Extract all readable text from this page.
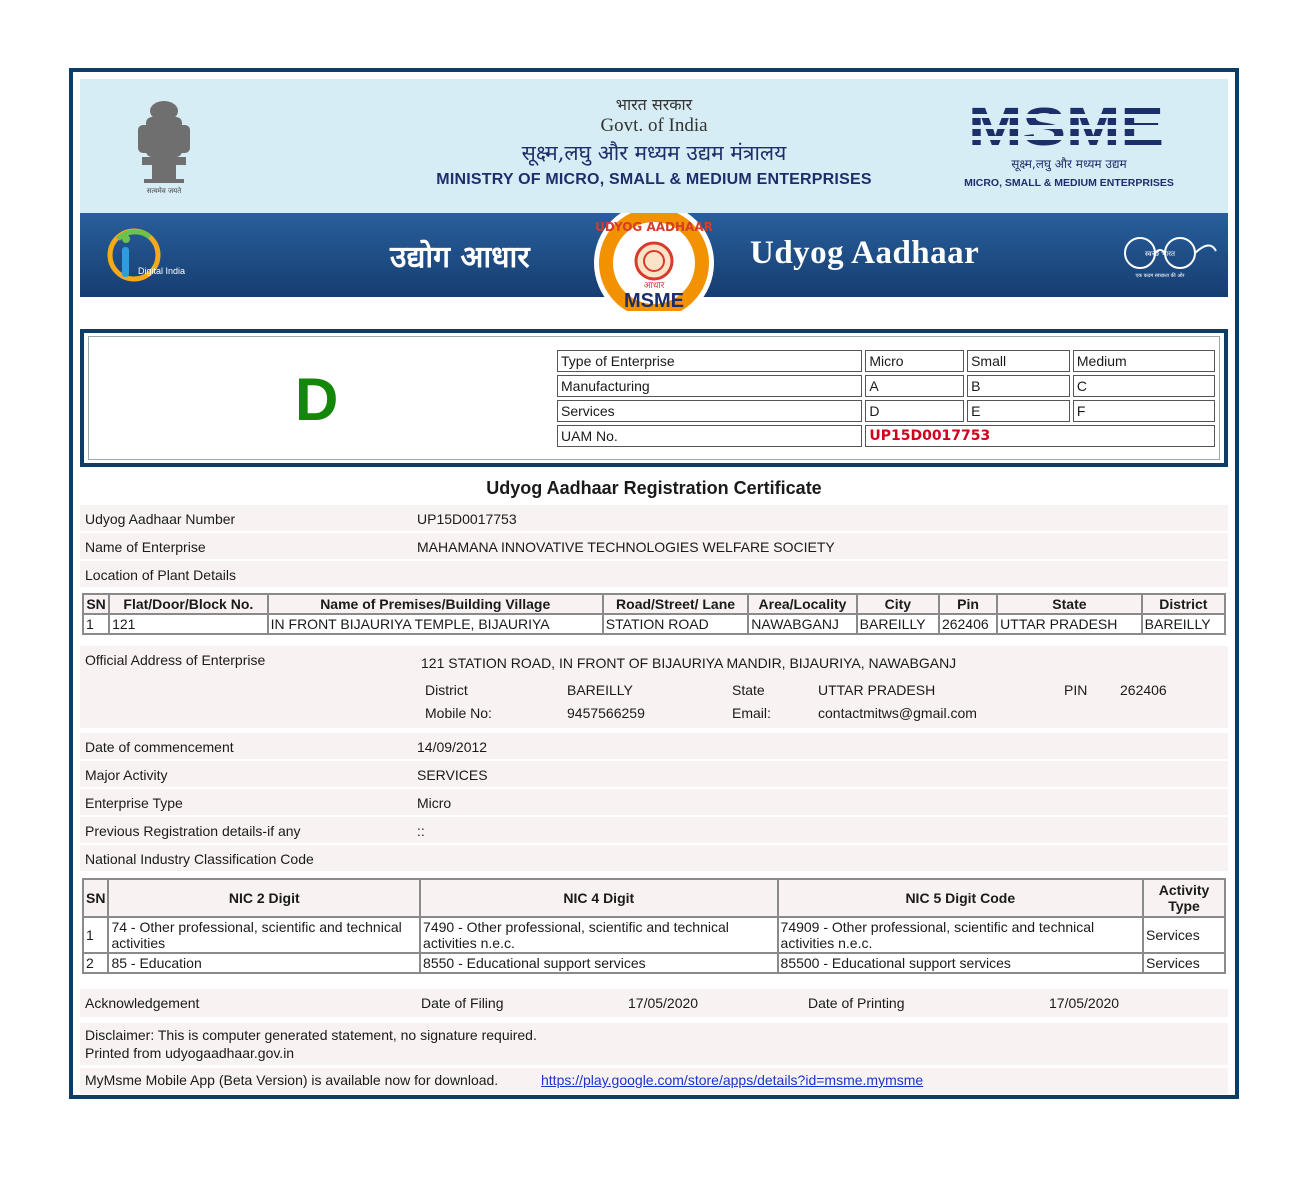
सत्यमेव जयते
भारत सरकार
Govt. of India
सूक्ष्म,लघु और मध्यम उद्यम मंत्रालय
MINISTRY OF MICRO, SMALL & MEDIUM ENTERPRISES
सूक्ष्म,लघु और मध्यम उद्यम
MICRO, SMALL & MEDIUM ENTERPRISES
Digital India	उद्योग आधार
UDYOG AADHAAR
आधार
MSME
Udyog Aadhaar	स्वच्छ भारत
एक कदम स्वच्छता की ओर
D
Type of Enterprise	Micro	Small	Medium
Manufacturing	A	B	C
Services	D	E	F
UAM No.	UP15D0017753		
Udyog Aadhaar Registration Certificate
Udyog Aadhaar Number	UP15D0017753
Name of Enterprise	MAHAMANA INNOVATIVE TECHNOLOGIES WELFARE SOCIETY
Location of Plant Details
SN	Flat/Door/Block No.	Name of Premises/Building Village	Road/Street/ Lane	Area/Locality	City	Pin	State	District
1	121	IN FRONT BIJAURIYA TEMPLE, BIJAURIYA	STATION ROAD	NAWABGANJ	BAREILLY	262406	UTTAR PRADESH	BAREILLY
Official Address of Enterprise	121 STATION ROAD, IN FRONT OF BIJAURIYA MANDIR, BIJAURIYA, NAWABGANJ
District	BAREILLY	State	UTTAR PRADESH	PIN 262406
Mobile No:	9457566259	Email:	contactmitws@gmail.com
Date of commencement	14/09/2012
Major Activity	SERVICES
Enterprise Type	Micro
Previous Registration details-if any	::
National Industry Classification Code
SN	NIC 2 Digit	NIC 4 Digit	NIC 5 Digit Code	Activity Type
1	74 - Other professional, scientific and technical activities	7490 - Other professional, scientific and technical activities n.e.c.	74909 - Other professional, scientific and technical activities n.e.c.	Services
2	85 - Education	8550 - Educational support services	85500 - Educational support services	Services
Acknowledgement	Date of Filing	17/05/2020	Date of Printing	17/05/2020
Disclaimer: This is computer generated statement, no signature required.
Printed from udyogaadhaar.gov.in
MyMsme Mobile App (Beta Version) is available now for download.	https://play.google.com/store/apps/details?id=msme.mymsme
